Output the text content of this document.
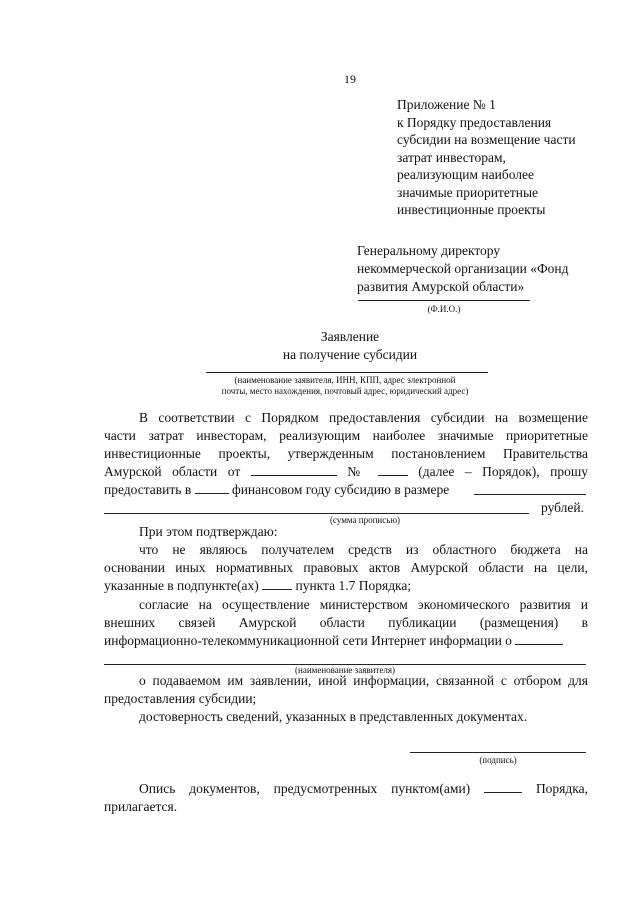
19
Приложение № 1
к Порядку предоставления
субсидии на возмещение части
затрат инвесторам,
реализующим наиболее
значимые приоритетные
инвестиционные проекты
Генеральному директору
некоммерческой организации «Фонд
развития Амурской области»
(Ф.И.О.)
Заявление
на получение субсидии
(наименование заявителя, ИНН, КПП, адрес электронной
почты, место нахождения, почтовый адрес, юридический адрес)
В соответствии с Порядком предоставления субсидии на возмещение
части затрат инвесторам, реализующим наиболее значимые приоритетные
инвестиционные проекты, утвержденным постановлением Правительства
Амурской области от	№	(далее – Порядок), прошу
предоставить в	финансовом году субсидию в размере
рублей.
(сумма прописью)
При этом подтверждаю:
что не являюсь получателем средств из областного бюджета на
основании иных нормативных правовых актов Амурской области на цели,
указанные в подпункте(ах)	пункта 1.7 Порядка;
согласие на осуществление министерством экономического развития и
внешних связей Амурской области публикации (размещения) в
информационно-телекоммуникационной сети Интернет информации о
(наименование заявителя)
о подаваемом им заявлении, иной информации, связанной с отбором для
предоставления субсидии;
достоверность сведений, указанных в представленных документах.
(подпись)
Опись документов, предусмотренных пунктом(ами)	Порядка,
прилагается.
